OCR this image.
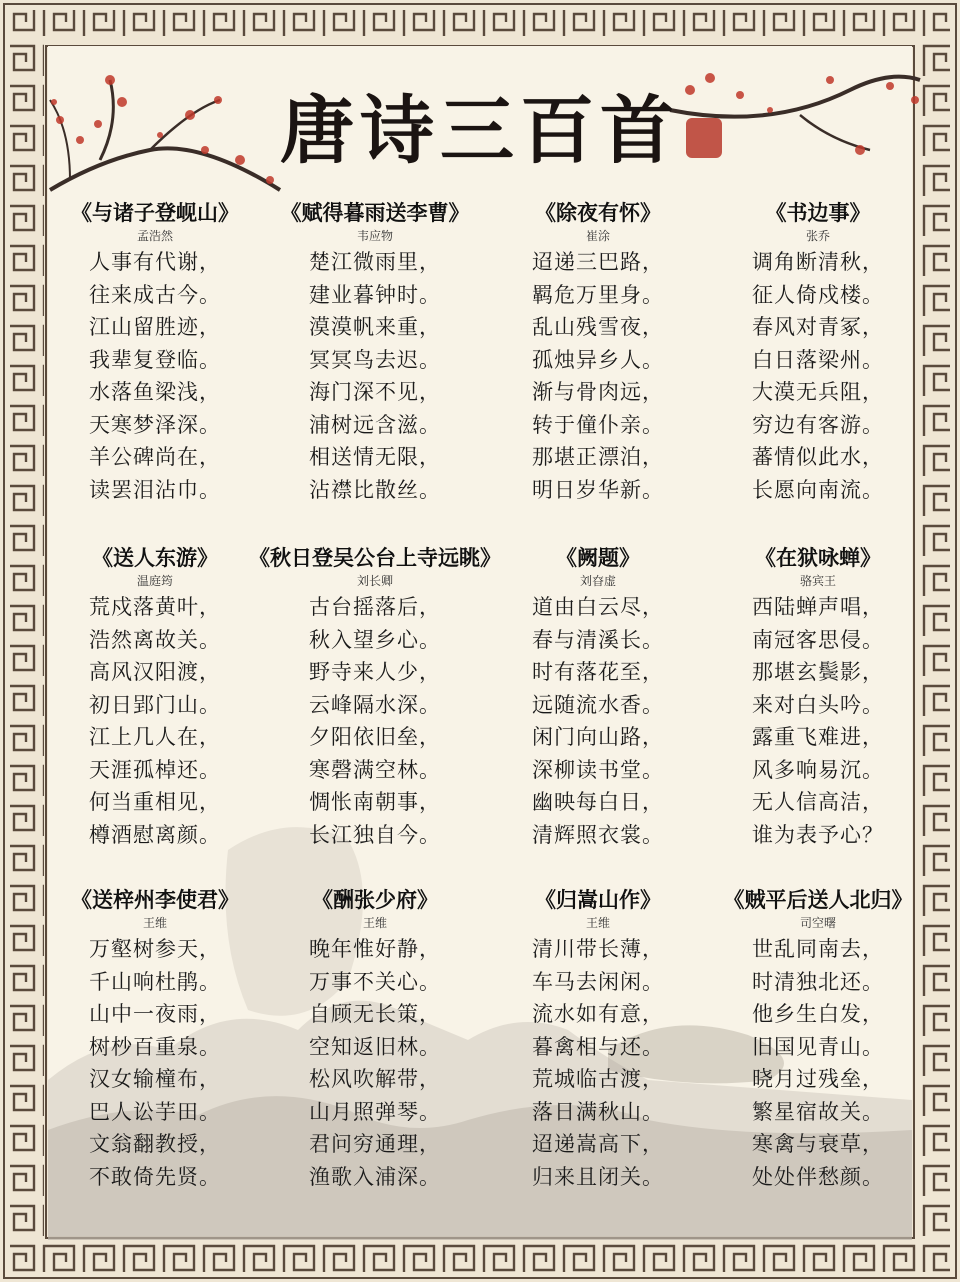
唐诗三百首
《与诸子登岘山》
孟浩然
人事有代谢，
往来成古今。
江山留胜迹，
我辈复登临。
水落鱼梁浅，
天寒梦泽深。
羊公碑尚在，
读罢泪沾巾。
《赋得暮雨送李曹》
韦应物
楚江微雨里，
建业暮钟时。
漠漠帆来重，
冥冥鸟去迟。
海门深不见，
浦树远含滋。
相送情无限，
沾襟比散丝。
《除夜有怀》
崔涂
迢递三巴路，
羁危万里身。
乱山残雪夜，
孤烛异乡人。
渐与骨肉远，
转于僮仆亲。
那堪正漂泊，
明日岁华新。
《书边事》
张乔
调角断清秋，
征人倚戍楼。
春风对青冢，
白日落梁州。
大漠无兵阻，
穷边有客游。
蕃情似此水，
长愿向南流。
《送人东游》
温庭筠
荒戍落黄叶，
浩然离故关。
高风汉阳渡，
初日郢门山。
江上几人在，
天涯孤棹还。
何当重相见，
樽酒慰离颜。
《秋日登吴公台上寺远眺》
刘长卿
古台摇落后，
秋入望乡心。
野寺来人少，
云峰隔水深。
夕阳依旧垒，
寒磬满空林。
惆怅南朝事，
长江独自今。
《阙题》
刘昚虚
道由白云尽，
春与清溪长。
时有落花至，
远随流水香。
闲门向山路，
深柳读书堂。
幽映每白日，
清辉照衣裳。
《在狱咏蝉》
骆宾王
西陆蝉声唱，
南冠客思侵。
那堪玄鬓影，
来对白头吟。
露重飞难进，
风多响易沉。
无人信高洁，
谁为表予心？
《送梓州李使君》
王维
万壑树参天，
千山响杜鹃。
山中一夜雨，
树杪百重泉。
汉女输橦布，
巴人讼芋田。
文翁翻教授，
不敢倚先贤。
《酬张少府》
王维
晚年惟好静，
万事不关心。
自顾无长策，
空知返旧林。
松风吹解带，
山月照弹琴。
君问穷通理，
渔歌入浦深。
《归嵩山作》
王维
清川带长薄，
车马去闲闲。
流水如有意，
暮禽相与还。
荒城临古渡，
落日满秋山。
迢递嵩高下，
归来且闭关。
《贼平后送人北归》
司空曙
世乱同南去，
时清独北还。
他乡生白发，
旧国见青山。
晓月过残垒，
繁星宿故关。
寒禽与衰草，
处处伴愁颜。
